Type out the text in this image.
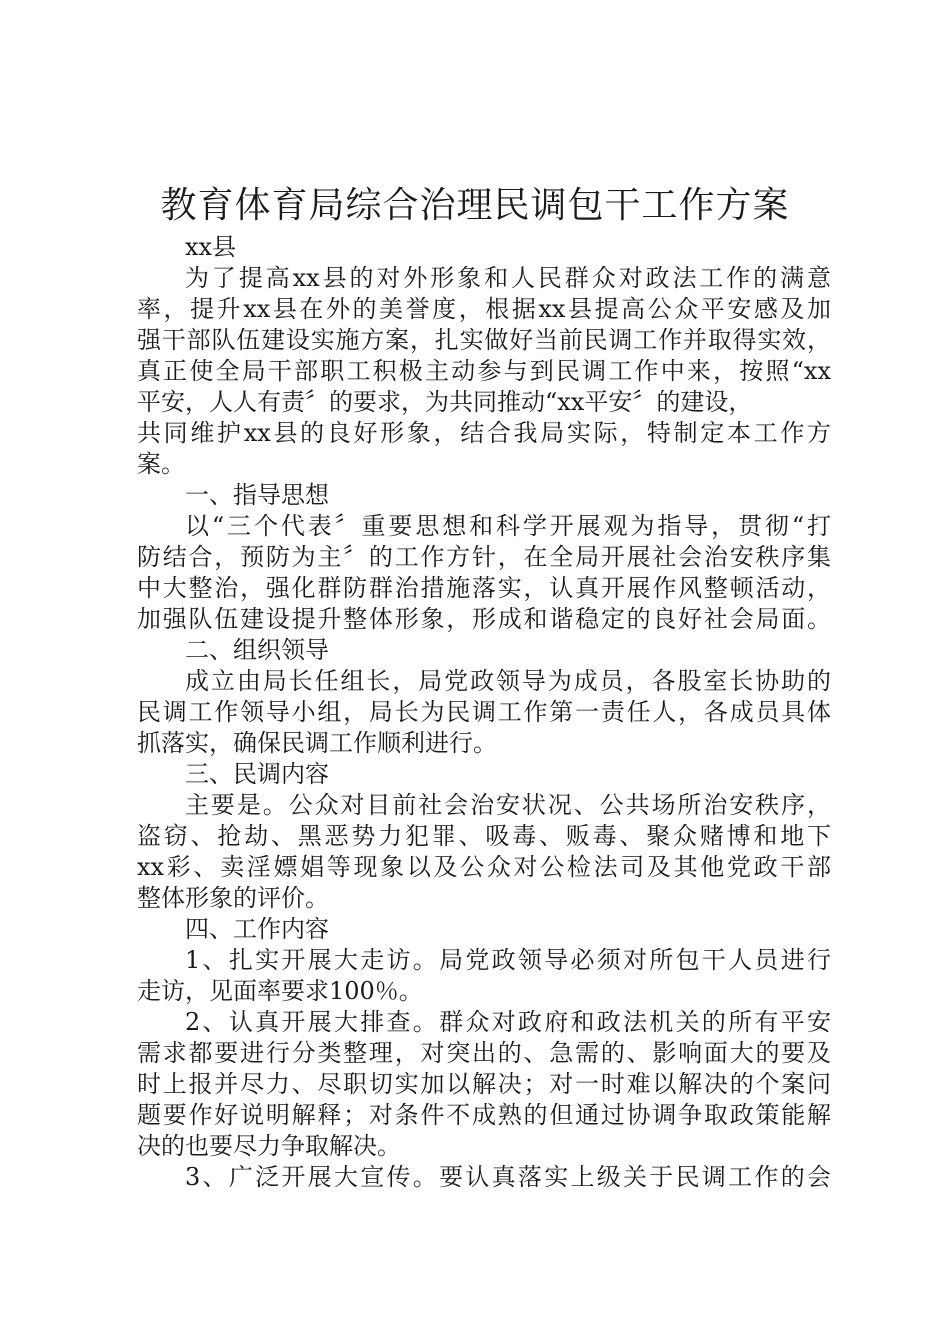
教育体育局综合治理民调包干工作方案
xx县
为了提高xx县的对外形象和人民群众对政法工作的满意
率，提升xx县在外的美誉度，根据xx县提高公众平安感及加
强干部队伍建设实施方案，扎实做好当前民调工作并取得实效，
真正使全局干部职工积极主动参与到民调工作中来，按照“xx
平安，人人有责〞的要求，为共同推动“xx平安〞的建设，
共同维护xx县的良好形象，结合我局实际，特制定本工作方
案。
一、指导思想
以“三个代表〞重要思想和科学开展观为指导，贯彻“打
防结合，预防为主〞的工作方针，在全局开展社会治安秩序集
中大整治，强化群防群治措施落实，认真开展作风整顿活动，
加强队伍建设提升整体形象，形成和谐稳定的良好社会局面。
二、组织领导
成立由局长任组长，局党政领导为成员，各股室长协助的
民调工作领导小组，局长为民调工作第一责任人，各成员具体
抓落实，确保民调工作顺利进行。
三、民调内容
主要是。公众对目前社会治安状况、公共场所治安秩序，
盗窃、抢劫、黑恶势力犯罪、吸毒、贩毒、聚众赌博和地下
xx彩、卖淫嫖娼等现象以及公众对公检法司及其他党政干部
整体形象的评价。
四、工作内容
1、扎实开展大走访。局党政领导必须对所包干人员进行
走访，见面率要求100％。
2、认真开展大排查。群众对政府和政法机关的所有平安
需求都要进行分类整理，对突出的、急需的、影响面大的要及
时上报并尽力、尽职切实加以解决；对一时难以解决的个案问
题要作好说明解释；对条件不成熟的但通过协调争取政策能解
决的也要尽力争取解决。
3、广泛开展大宣传。要认真落实上级关于民调工作的会
